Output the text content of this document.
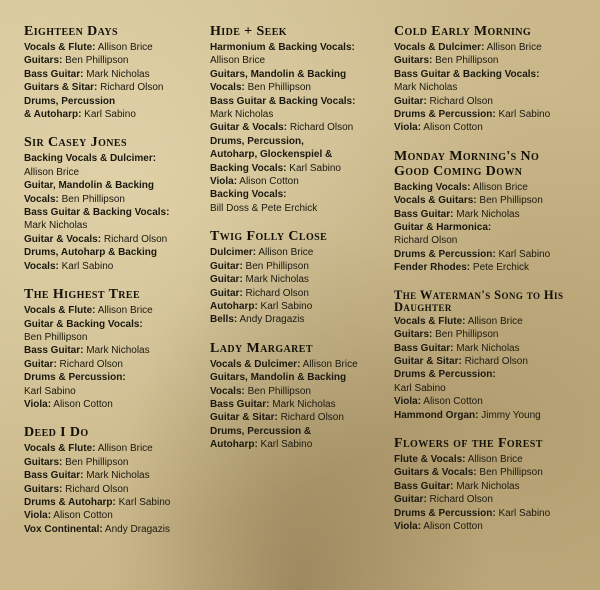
Eighteen Days
Vocals & Flute: Allison Brice
Guitars: Ben Phillipson
Bass Guitar: Mark Nicholas
Guitars & Sitar: Richard Olson
Drums, Percussion
& Autoharp: Karl Sabino
Sir Casey Jones
Backing Vocals & Dulcimer:
Allison Brice
Guitar, Mandolin & Backing
Vocals: Ben Phillipson
Bass Guitar & Backing Vocals:
Mark Nicholas
Guitar & Vocals: Richard Olson
Drums, Autoharp & Backing
Vocals: Karl Sabino
The Highest Tree
Vocals & Flute: Allison Brice
Guitar & Backing Vocals:
Ben Phillipson
Bass Guitar: Mark Nicholas
Guitar: Richard Olson
Drums & Percussion:
Karl Sabino
Viola: Alison Cotton
Deed I Do
Vocals & Flute: Allison Brice
Guitars: Ben Phillipson
Bass Guitar: Mark Nicholas
Guitars: Richard Olson
Drums & Autoharp: Karl Sabino
Viola: Alison Cotton
Vox Continental: Andy Dragazis
Hide + Seek
Harmonium & Backing Vocals:
Allison Brice
Guitars, Mandolin & Backing
Vocals: Ben Phillipson
Bass Guitar & Backing Vocals:
Mark Nicholas
Guitar & Vocals: Richard Olson
Drums, Percussion,
Autoharp, Glockenspiel &
Backing Vocals: Karl Sabino
Viola: Alison Cotton
Backing Vocals:
Bill Doss & Pete Erchick
Twig Folly Close
Dulcimer: Allison Brice
Guitar: Ben Phillipson
Guitar: Mark Nicholas
Guitar: Richard Olson
Autoharp: Karl Sabino
Bells: Andy Dragazis
Lady Margaret
Vocals & Dulcimer: Allison Brice
Guitars, Mandolin & Backing
Vocals: Ben Phillipson
Bass Guitar: Mark Nicholas
Guitar & Sitar: Richard Olson
Drums, Percussion &
Autoharp: Karl Sabino
Cold Early Morning
Vocals & Dulcimer: Allison Brice
Guitars: Ben Phillipson
Bass Guitar & Backing Vocals:
Mark Nicholas
Guitar: Richard Olson
Drums & Percussion: Karl Sabino
Viola: Alison Cotton
Monday Morning's No Good Coming Down
Backing Vocals: Allison Brice
Vocals & Guitars: Ben Phillipson
Bass Guitar: Mark Nicholas
Guitar & Harmonica:
Richard Olson
Drums & Percussion: Karl Sabino
Fender Rhodes: Pete Erchick
The Waterman's Song to His Daughter
Vocals & Flute: Allison Brice
Guitars: Ben Phillipson
Bass Guitar: Mark Nicholas
Guitar & Sitar: Richard Olson
Drums & Percussion:
Karl Sabino
Viola: Alison Cotton
Hammond Organ: Jimmy Young
Flowers of the Forest
Flute & Vocals: Allison Brice
Guitars & Vocals: Ben Phillipson
Bass Guitar: Mark Nicholas
Guitar: Richard Olson
Drums & Percussion: Karl Sabino
Viola: Alison Cotton
